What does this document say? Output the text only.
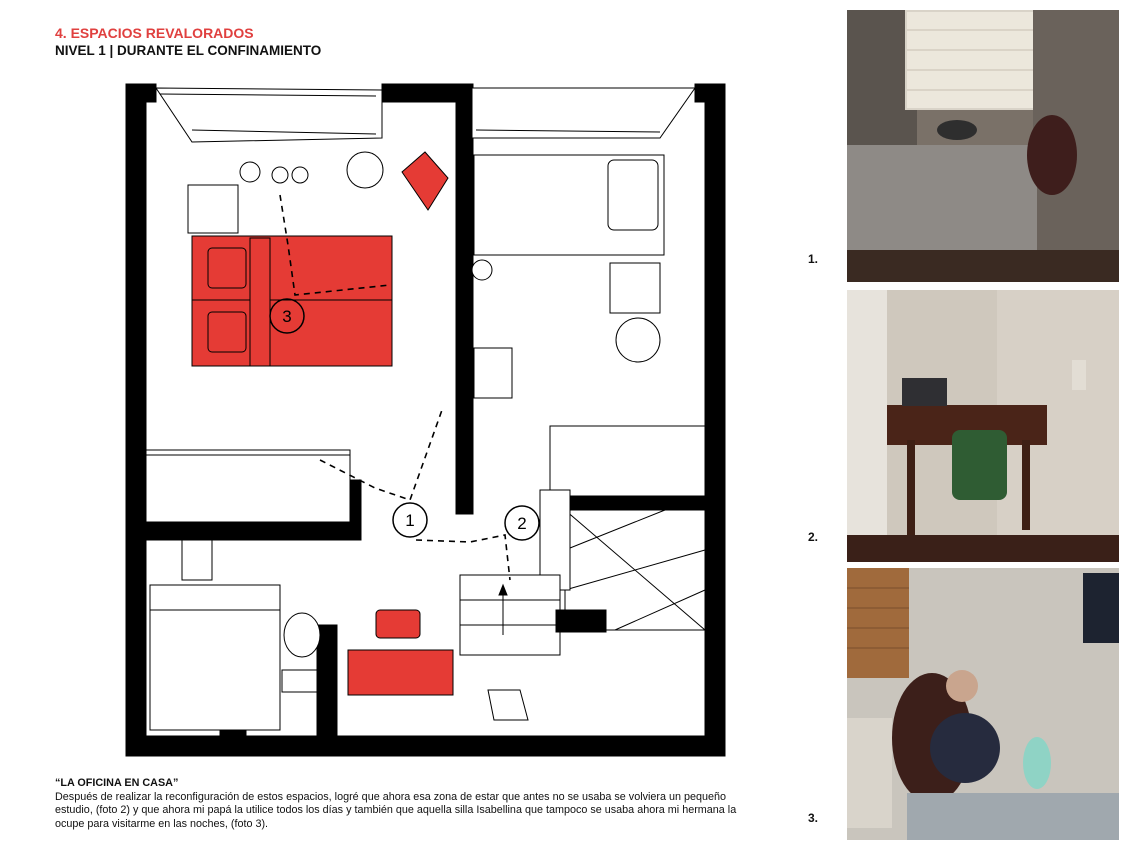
4. ESPACIOS REVALORADOS
NIVEL 1 | DURANTE EL CONFINAMIENTO
1	2
3
“LA OFICINA EN CASA”
Después de realizar la reconfiguración de estos espacios, logré que ahora esa zona de estar que antes no se usaba se volviera un pequeño estudio, (foto 2) y que ahora mi papá la utilice todos los días y también que aquella silla Isabellina que tampoco se usaba ahora mi hermana la ocupe para visitarme en las noches, (foto 3).
1.
2.
3.
